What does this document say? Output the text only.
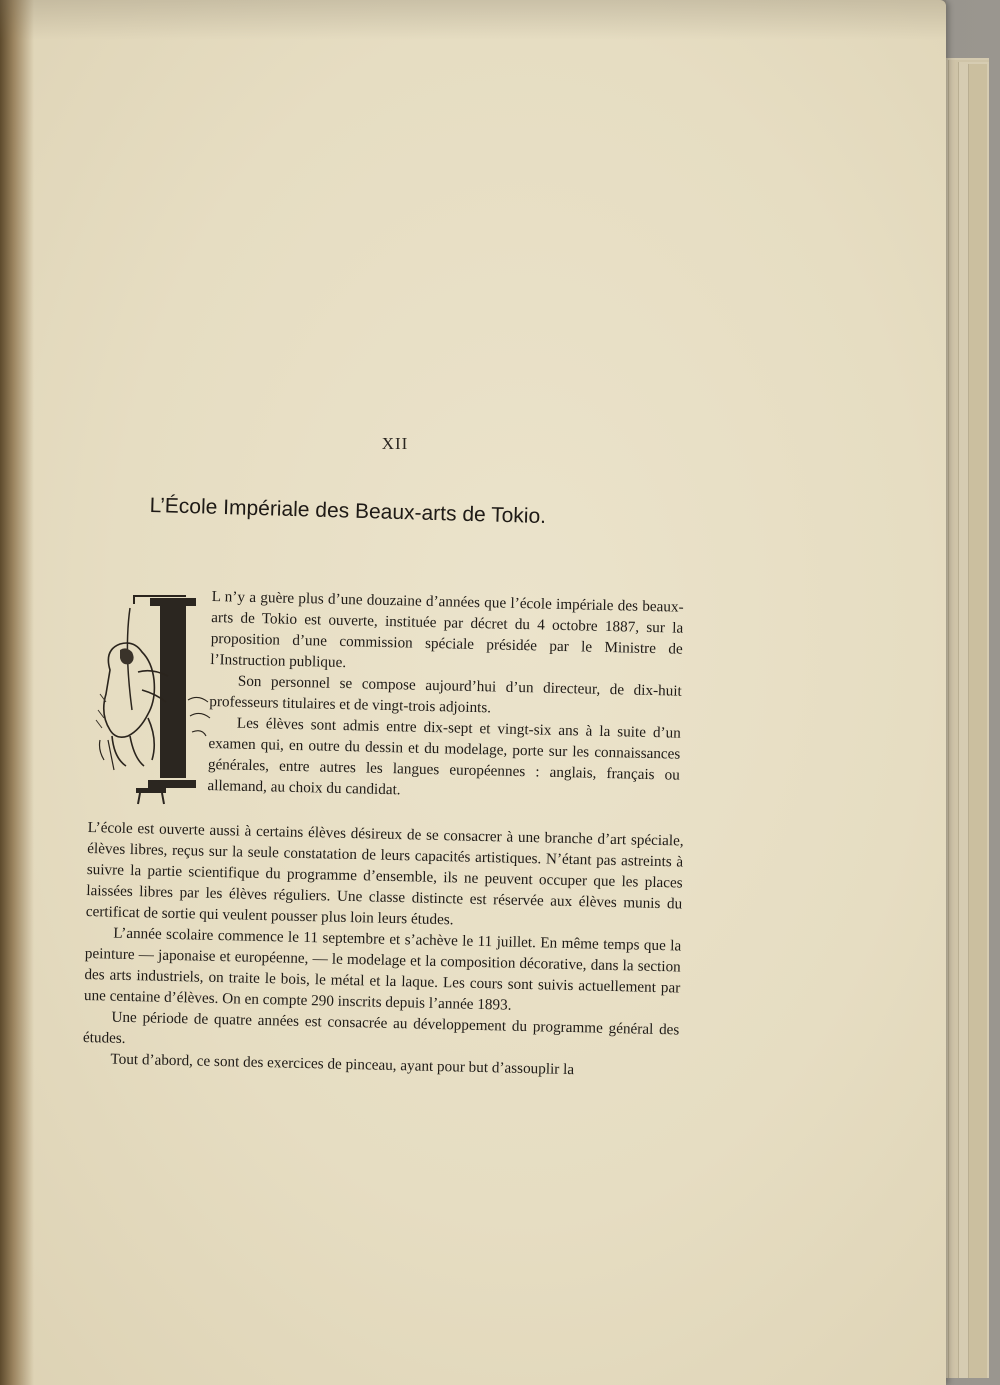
XII
L’École Impériale des Beaux-arts de Tokio.

L n’y a guère plus d’une douzaine d’années que l’école impériale des beaux-arts de Tokio est ouverte, instituée par décret du 4 octobre 1887, sur la proposition d’une commission spéciale présidée par le Ministre de l’Instruction publique.

Son personnel se compose aujourd’hui d’un directeur, de dix-huit professeurs titulaires et de vingt-trois adjoints.

Les élèves sont admis entre dix-sept et vingt-six ans à la suite d’un examen qui, en outre du dessin et du modelage, porte sur les connaissances générales, entre autres les langues européennes : anglais, français ou allemand, au choix du candidat.

L’école est ouverte aussi à certains élèves désireux de se consacrer à une branche d’art spéciale, élèves libres, reçus sur la seule constatation de leurs capacités artistiques. N’étant pas astreints à suivre la partie scientifique du programme d’ensemble, ils ne peuvent occuper que les places laissées libres par les élèves réguliers. Une classe distincte est réservée aux élèves munis du certificat de sortie qui veulent pousser plus loin leurs études.

L’année scolaire commence le 11 septembre et s’achève le 11 juillet. En même temps que la peinture — japonaise et européenne, — le modelage et la composition décorative, dans la section des arts industriels, on traite le bois, le métal et la laque. Les cours sont suivis actuellement par une centaine d’élèves. On en compte 290 inscrits depuis l’année 1893.

Une période de quatre années est consacrée au développement du programme général des études.

Tout d’abord, ce sont des exercices de pinceau, ayant pour but d’assouplir la
